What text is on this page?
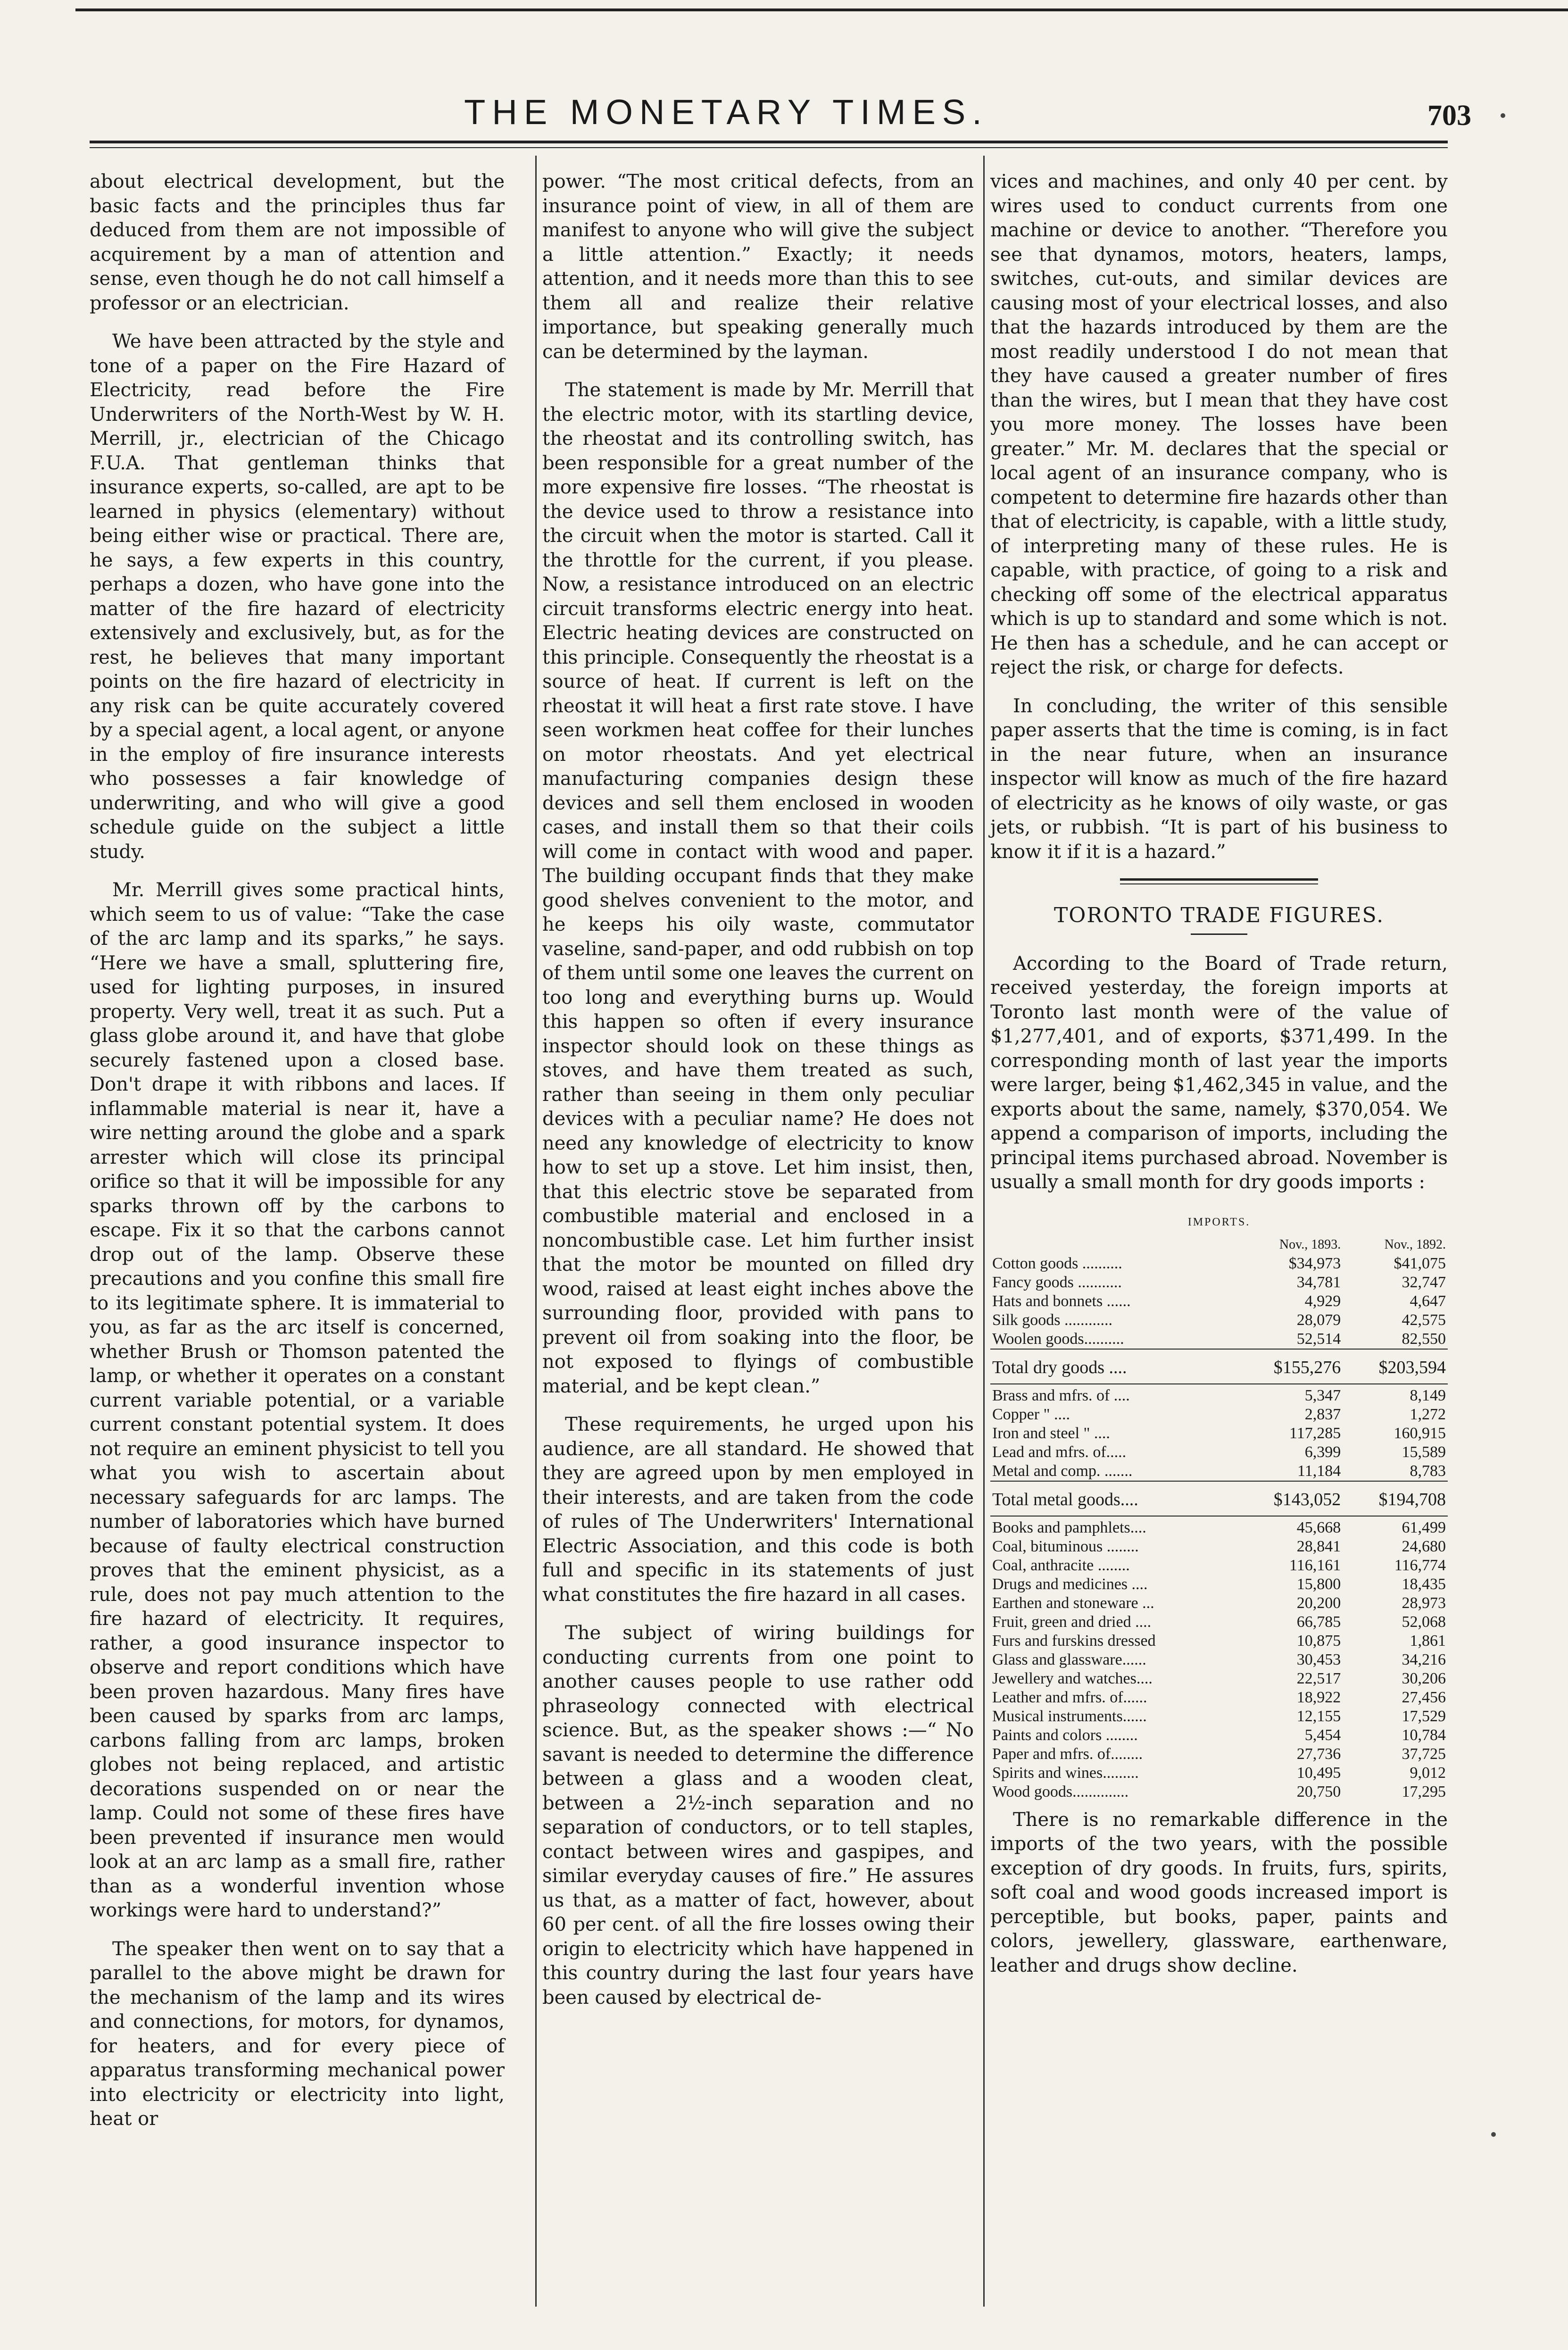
THE MONETARY TIMES.	703

about electrical development, but the basic facts and the principles thus far deduced from them are not impossible of acquirement by a man of attention and sense, even though he do not call himself a professor or an electrician.

We have been attracted by the style and tone of a paper on the Fire Hazard of Electricity, read before the Fire Underwriters of the North-West by W. H. Merrill, jr., electrician of the Chicago F.U.A. That gentleman thinks that insurance experts, so-called, are apt to be learned in physics (elementary) without being either wise or practical. There are, he says, a few experts in this country, perhaps a dozen, who have gone into the matter of the fire hazard of electricity extensively and exclusively, but, as for the rest, he believes that many important points on the fire hazard of electricity in any risk can be quite accurately covered by a special agent, a local agent, or anyone in the employ of fire insurance interests who possesses a fair knowledge of underwriting, and who will give a good schedule guide on the subject a little study.

Mr. Merrill gives some practical hints, which seem to us of value: “Take the case of the arc lamp and its sparks,” he says. “Here we have a small, spluttering fire, used for lighting purposes, in insured property. Very well, treat it as such. Put a glass globe around it, and have that globe securely fastened upon a closed base. Don't drape it with ribbons and laces. If inflammable material is near it, have a wire netting around the globe and a spark arrester which will close its principal orifice so that it will be impossible for any sparks thrown off by the carbons to escape. Fix it so that the carbons cannot drop out of the lamp. Observe these precautions and you confine this small fire to its legitimate sphere. It is immaterial to you, as far as the arc itself is concerned, whether Brush or Thomson patented the lamp, or whether it operates on a constant current variable potential, or a variable current constant potential system. It does not require an eminent physicist to tell you what you wish to ascertain about necessary safeguards for arc lamps. The number of laboratories which have burned because of faulty electrical construction proves that the eminent physicist, as a rule, does not pay much attention to the fire hazard of electricity. It requires, rather, a good insurance inspector to observe and report conditions which have been proven hazardous. Many fires have been caused by sparks from arc lamps, carbons falling from arc lamps, broken globes not being replaced, and artistic decorations suspended on or near the lamp. Could not some of these fires have been prevented if insurance men would look at an arc lamp as a small fire, rather than as a wonderful invention whose workings were hard to understand?”

The speaker then went on to say that a parallel to the above might be drawn for the mechanism of the lamp and its wires and connections, for motors, for dynamos, for heaters, and for every piece of apparatus transforming mechanical power into electricity or electricity into light, heat or

power. “The most critical defects, from an insurance point of view, in all of them are manifest to anyone who will give the subject a little attention.” Exactly; it needs attention, and it needs more than this to see them all and realize their relative importance, but speaking generally much can be determined by the layman.

The statement is made by Mr. Merrill that the electric motor, with its startling device, the rheostat and its controlling switch, has been responsible for a great number of the more expensive fire losses. “The rheostat is the device used to throw a resistance into the circuit when the motor is started. Call it the throttle for the current, if you please. Now, a resistance introduced on an electric circuit transforms electric energy into heat. Electric heating devices are constructed on this principle. Consequently the rheostat is a source of heat. If current is left on the rheostat it will heat a first rate stove. I have seen workmen heat coffee for their lunches on motor rheostats. And yet electrical manufacturing companies design these devices and sell them enclosed in wooden cases, and install them so that their coils will come in contact with wood and paper. The building occupant finds that they make good shelves convenient to the motor, and he keeps his oily waste, commutator vaseline, sand-paper, and odd rubbish on top of them until some one leaves the current on too long and everything burns up. Would this happen so often if every insurance inspector should look on these things as stoves, and have them treated as such, rather than seeing in them only peculiar devices with a peculiar name? He does not need any knowledge of electricity to know how to set up a stove. Let him insist, then, that this electric stove be separated from combustible material and enclosed in a noncombustible case. Let him further insist that the motor be mounted on filled dry wood, raised at least eight inches above the surrounding floor, provided with pans to prevent oil from soaking into the floor, be not exposed to flyings of combustible material, and be kept clean.”

These requirements, he urged upon his audience, are all standard. He showed that they are agreed upon by men employed in their interests, and are taken from the code of rules of The Underwriters' International Electric Association, and this code is both full and specific in its statements of just what constitutes the fire hazard in all cases.

The subject of wiring buildings for conducting currents from one point to another causes people to use rather odd phraseology connected with electrical science. But, as the speaker shows :—“ No savant is needed to determine the difference between a glass and a wooden cleat, between a 2½-inch separation and no separation of conductors, or to tell staples, contact between wires and gaspipes, and similar everyday causes of fire.” He assures us that, as a matter of fact, however, about 60 per cent. of all the fire losses owing their origin to electricity which have happened in this country during the last four years have been caused by electrical de-

vices and machines, and only 40 per cent. by wires used to conduct currents from one machine or device to another. “Therefore you see that dynamos, motors, heaters, lamps, switches, cut-outs, and similar devices are causing most of your electrical losses, and also that the hazards introduced by them are the most readily understood I do not mean that they have caused a greater number of fires than the wires, but I mean that they have cost you more money. The losses have been greater.” Mr. M. declares that the special or local agent of an insurance company, who is competent to determine fire hazards other than that of electricity, is capable, with a little study, of interpreting many of these rules. He is capable, with practice, of going to a risk and checking off some of the electrical apparatus which is up to standard and some which is not. He then has a schedule, and he can accept or reject the risk, or charge for defects.

In concluding, the writer of this sensible paper asserts that the time is coming, is in fact in the near future, when an insurance inspector will know as much of the fire hazard of electricity as he knows of oily waste, or gas jets, or rubbish. “It is part of his business to know it if it is a hazard.”

TORONTO TRADE FIGURES.

According to the Board of Trade return, received yesterday, the foreign imports at Toronto last month were of the value of $1,277,401, and of exports, $371,499. In the corresponding month of last year the imports were larger, being $1,462,345 in value, and the exports about the same, namely, $370,054. We append a comparison of imports, including the principal items purchased abroad. November is usually a small month for dry goods imports :

IMPORTS.		
	Nov., 1893.	Nov., 1892.
Cotton goods ..........	$34,973	$41,075
Fancy goods ...........	34,781	32,747
Hats and bonnets ......	4,929	4,647
Silk goods ............	28,079	42,575
Woolen goods..........	52,514	82,550

Total dry goods ....	$155,276	$203,594

Brass and mfrs. of ....	5,347	8,149
Copper " ....	2,837	1,272
Iron and steel " ....	117,285	160,915
Lead and mfrs. of.....	6,399	15,589
Metal and comp. .......	11,184	8,783

Total metal goods....	$143,052	$194,708

Books and pamphlets....	45,668	61,499
Coal, bituminous ........	28,841	24,680
Coal, anthracite ........	116,161	116,774
Drugs and medicines ....	15,800	18,435
Earthen and stoneware ...	20,200	28,973
Fruit, green and dried ....	66,785	52,068
Furs and furskins dressed	10,875	1,861
Glass and glassware......	30,453	34,216
Jewellery and watches....	22,517	30,206
Leather and mfrs. of......	18,922	27,456
Musical instruments......	12,155	17,529
Paints and colors ........	5,454	10,784
Paper and mfrs. of........	27,736	37,725
Spirits and wines.........	10,495	9,012
Wood goods..............	20,750	17,295

There is no remarkable difference in the imports of the two years, with the possible exception of dry goods. In fruits, furs, spirits, soft coal and wood goods increased import is perceptible, but books, paper, paints and colors, jewellery, glassware, earthenware, leather and drugs show decline.
